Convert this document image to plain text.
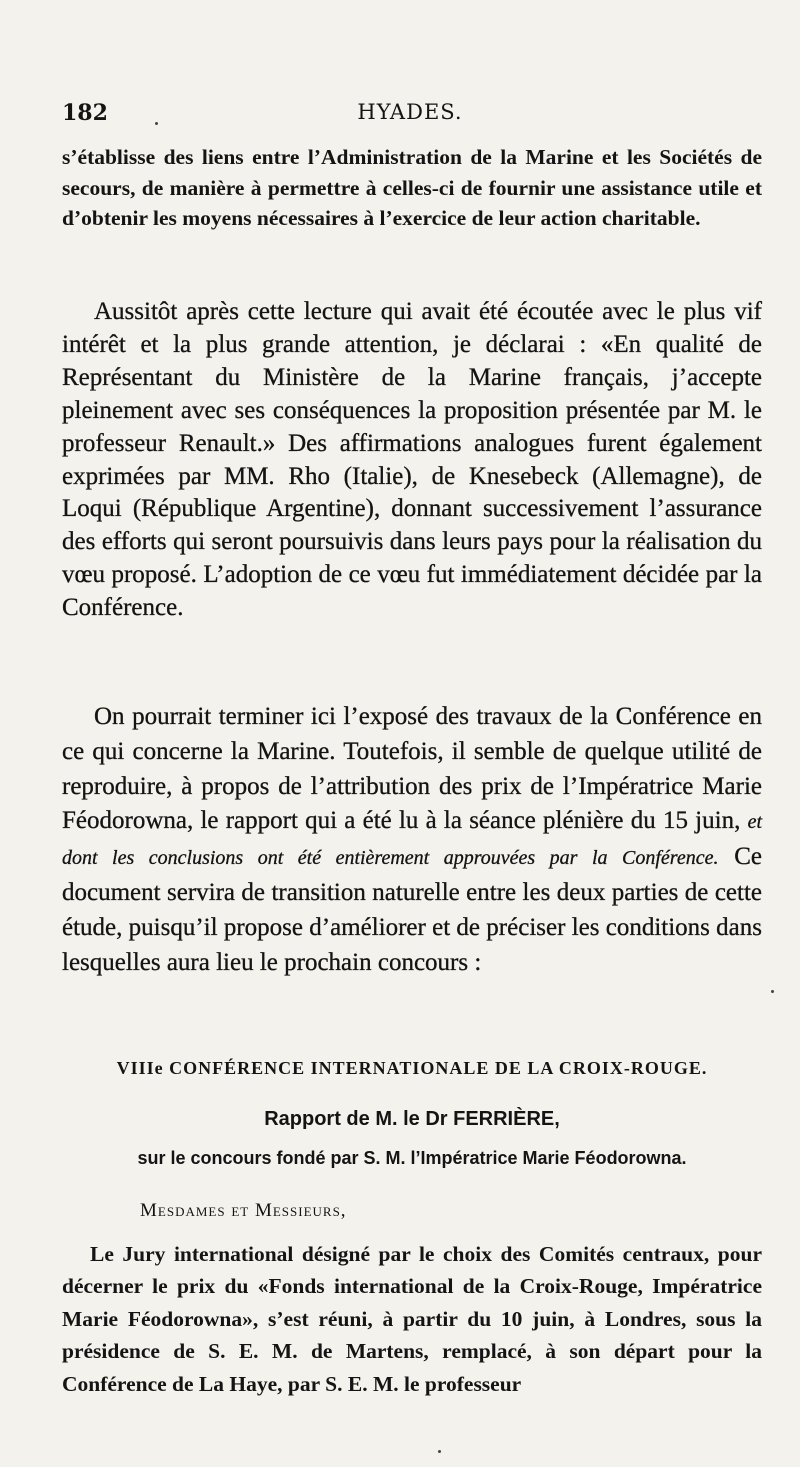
182	HYADES.

s’établisse des liens entre l’Administration de la Marine et les Sociétés de secours, de manière à permettre à celles-ci de fournir une assistance utile et d’obtenir les moyens nécessaires à l’exercice de leur action charitable.

Aussitôt après cette lecture qui avait été écoutée avec le plus vif intérêt et la plus grande attention, je déclarai : «En qualité de Représentant du Ministère de la Marine français, j’accepte pleinement avec ses conséquences la proposition présentée par M. le professeur Renault.» Des affirmations analogues furent également exprimées par MM. Rho (Italie), de Knesebeck (Allemagne), de Loqui (République Argentine), donnant successivement l’assurance des efforts qui seront poursuivis dans leurs pays pour la réalisation du vœu proposé. L’adoption de ce vœu fut immédiatement décidée par la Conférence.

On pourrait terminer ici l’exposé des travaux de la Conférence en ce qui concerne la Marine. Toutefois, il semble de quelque utilité de reproduire, à propos de l’attribution des prix de l’Impératrice Marie Féodorowna, le rapport qui a été lu à la séance plénière du 15 juin, et dont les conclusions ont été entièrement approuvées par la Conférence. Ce document servira de transition naturelle entre les deux parties de cette étude, puisqu’il propose d’améliorer et de préciser les conditions dans lesquelles aura lieu le prochain concours :

VIIIe CONFÉRENCE INTERNATIONALE DE LA CROIX-ROUGE.
Rapport de M. le Dr FERRIÈRE,
sur le concours fondé par S. M. l’Impératrice Marie Féodorowna.
Mesdames et Messieurs,

Le Jury international désigné par le choix des Comités centraux, pour décerner le prix du «Fonds international de la Croix-Rouge, Impératrice Marie Féodorowna», s’est réuni, à partir du 10 juin, à Londres, sous la présidence de S. E. M. de Martens, remplacé, à son départ pour la Conférence de La Haye, par S. E. M. le professeur
